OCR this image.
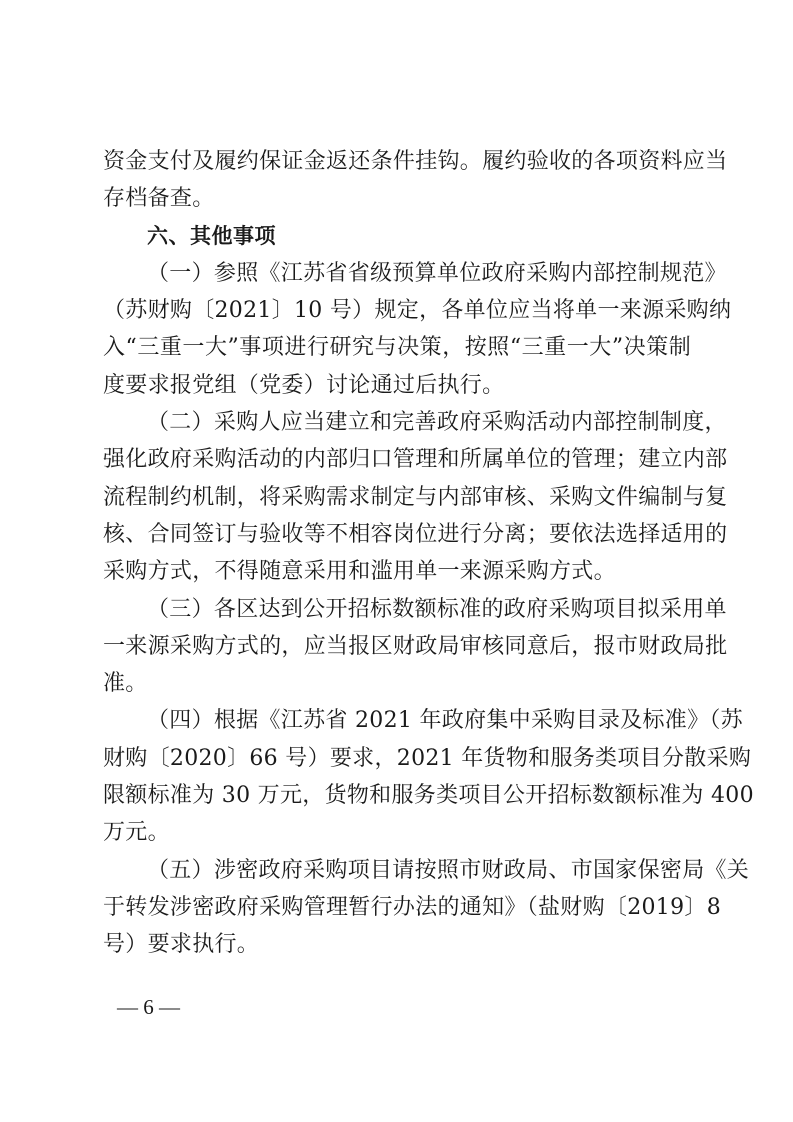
资金支付及履约保证金返还条件挂钩。履约验收的各项资料应当
存档备查。
六、其他事项
（一）参照《江苏省省级预算单位政府采购内部控制规范》
（苏财购〔2021〕10 号）规定，各单位应当将单一来源采购纳
入“三重一大”事项进行研究与决策，按照“三重一大”决策制
度要求报党组（党委）讨论通过后执行。
（二）采购人应当建立和完善政府采购活动内部控制制度，
强化政府采购活动的内部归口管理和所属单位的管理；建立内部
流程制约机制，将采购需求制定与内部审核、采购文件编制与复
核、合同签订与验收等不相容岗位进行分离；要依法选择适用的
采购方式，不得随意采用和滥用单一来源采购方式。
（三）各区达到公开招标数额标准的政府采购项目拟采用单
一来源采购方式的，应当报区财政局审核同意后，报市财政局批
准。
（四）根据《江苏省 2021 年政府集中采购目录及标准》（苏
财购〔2020〕66 号）要求，2021 年货物和服务类项目分散采购
限额标准为 30 万元，货物和服务类项目公开招标数额标准为 400
万元。
（五）涉密政府采购项目请按照市财政局、市国家保密局《关
于转发涉密政府采购管理暂行办法的通知》（盐财购〔2019〕8
号）要求执行。
— 6 —
